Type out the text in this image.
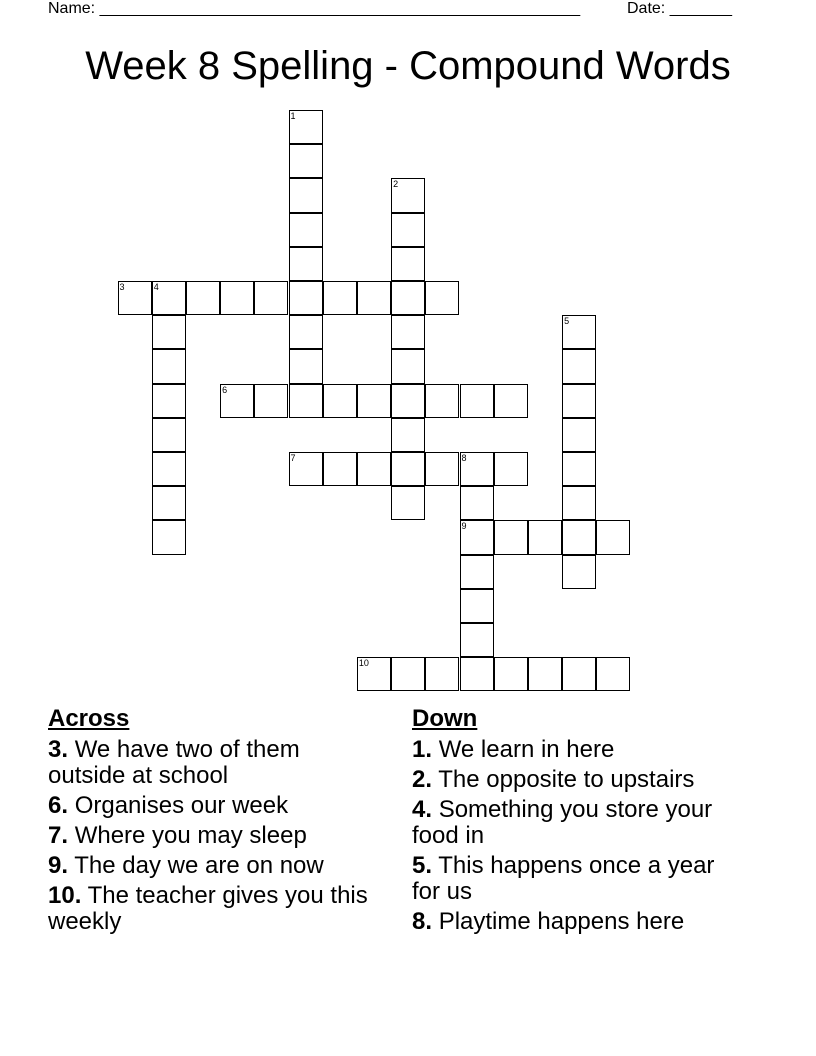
Name: ______________________________________________________	Date: _______
Week 8 Spelling - Compound Words
1
2
3	4
5
6
7	8
9
10
Across
3. We have two of them outside at school
6. Organises our week
7. Where you may sleep
9. The day we are on now
10. The teacher gives you this weekly
Down
1. We learn in here
2. The opposite to upstairs
4. Something you store your food in
5. This happens once a year for us
8. Playtime happens here
